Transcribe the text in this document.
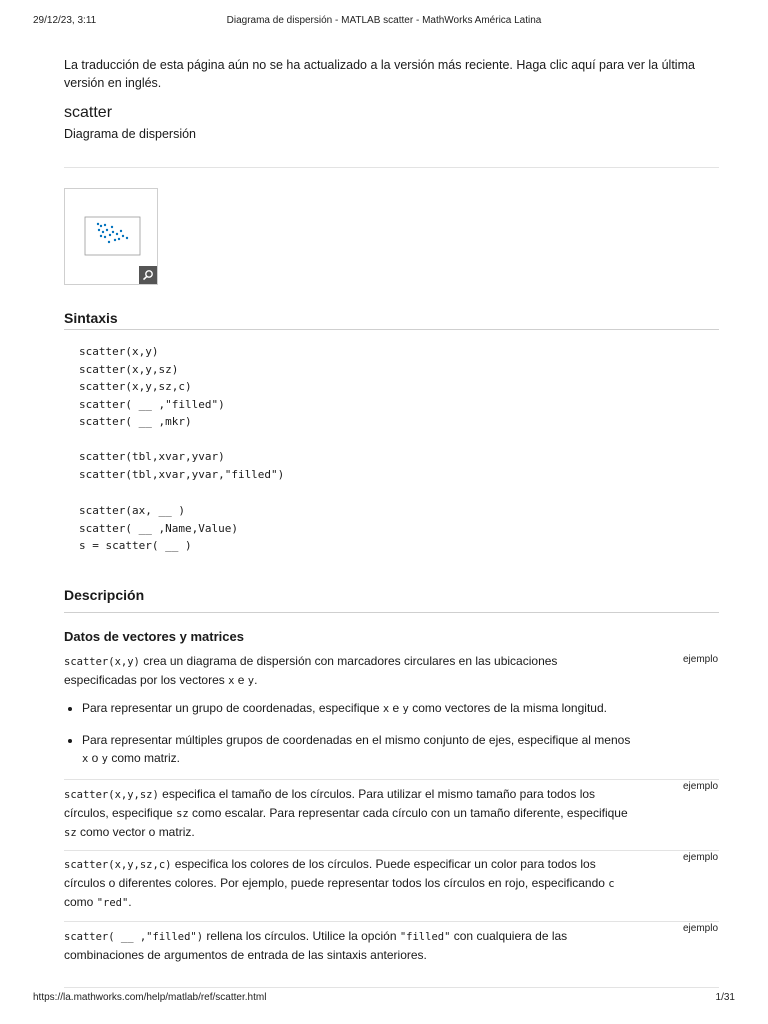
29/12/23, 3:11	Diagrama de dispersión - MATLAB scatter - MathWorks América Latina
La traducción de esta página aún no se ha actualizado a la versión más reciente. Haga clic aquí para ver la última
versión en inglés.
scatter
Diagrama de dispersión
Sintaxis
scatter(x,y)
scatter(x,y,sz)
scatter(x,y,sz,c)
scatter( __ ,"filled")
scatter( __ ,mkr)
scatter(tbl,xvar,yvar)
scatter(tbl,xvar,yvar,"filled")
scatter(ax, __ )
scatter( __ ,Name,Value)
s = scatter( __ )
Descripción
Datos de vectores y matrices
scatter(x,y) crea un diagrama de dispersión con marcadores circulares en las ubicaciones
especificadas por los vectores x e y.
ejemplo
Para representar un grupo de coordenadas, especifique x e y como vectores de la misma longitud.
Para representar múltiples grupos de coordenadas en el mismo conjunto de ejes, especifique al menos
x o y como matriz.
scatter(x,y,sz) especifica el tamaño de los círculos. Para utilizar el mismo tamaño para todos los
círculos, especifique sz como escalar. Para representar cada círculo con un tamaño diferente, especifique
sz como vector o matriz.
ejemplo
scatter(x,y,sz,c) especifica los colores de los círculos. Puede especificar un color para todos los
círculos o diferentes colores. Por ejemplo, puede representar todos los círculos en rojo, especificando c
como "red".
ejemplo
scatter( __ ,"filled") rellena los círculos. Utilice la opción "filled" con cualquiera de las
combinaciones de argumentos de entrada de las sintaxis anteriores.
ejemplo
https://la.mathworks.com/help/matlab/ref/scatter.html	1/31
